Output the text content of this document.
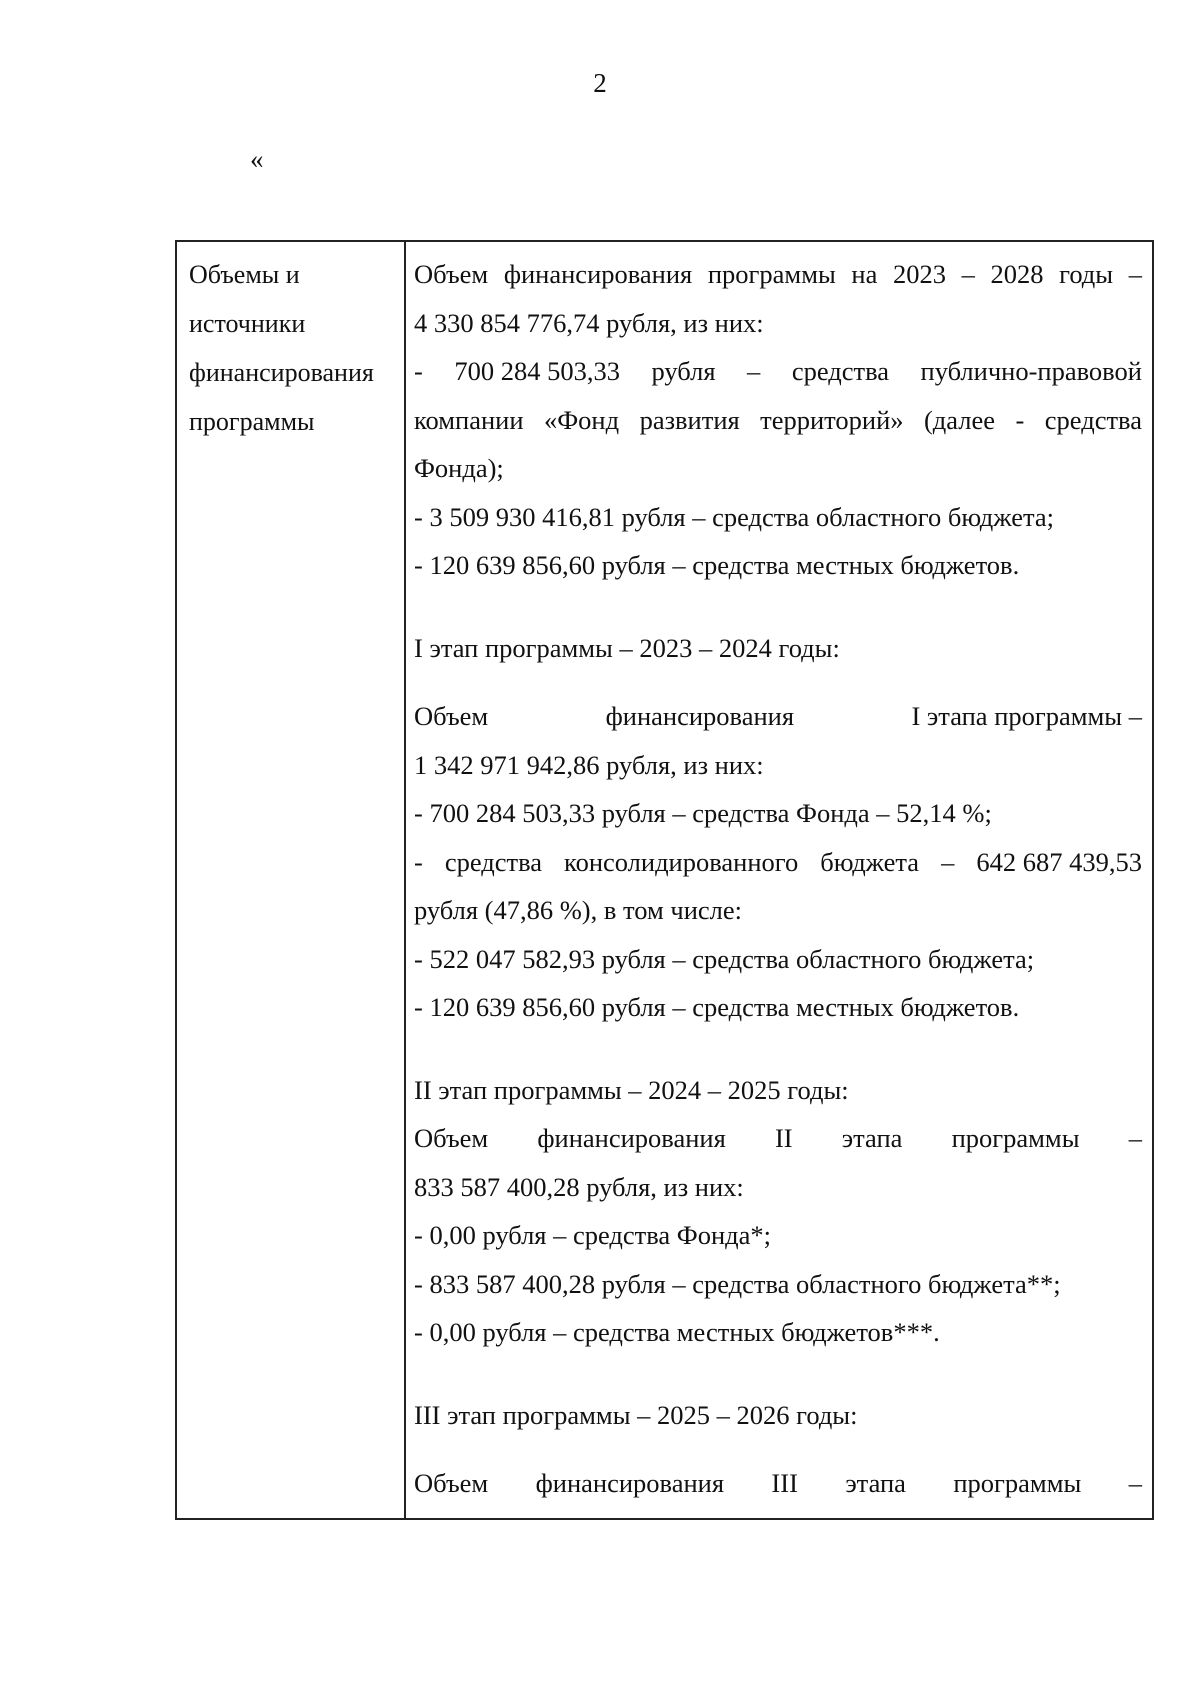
2
«
Объемы и
источники
финансирования
программы
Объем финансирования программы на 2023 – 2028 годы –
4 330 854 776,74 рубля, из них:
- 700 284 503,33 рубля – средства публично-правовой
компании «Фонд развития территорий» (далее - средства
Фонда);
- 3 509 930 416,81 рубля – средства областного бюджета;
- 120 639 856,60 рубля – средства местных бюджетов.
I этап программы – 2023 – 2024 годы:
Объем	финансирования	I этапа программы –
1 342 971 942,86 рубля, из них:
- 700 284 503,33 рубля – средства Фонда – 52,14 %;
- средства консолидированного бюджета – 642 687 439,53
рубля (47,86 %), в том числе:
- 522 047 582,93 рубля – средства областного бюджета;
- 120 639 856,60 рубля – средства местных бюджетов.
II этап программы – 2024 – 2025 годы:
Объем финансирования II этапа программы –
833 587 400,28 рубля, из них:
- 0,00 рубля – средства Фонда*;
- 833 587 400,28 рубля – средства областного бюджета**;
- 0,00 рубля – средства местных бюджетов***.
III этап программы – 2025 – 2026 годы:
Объем финансирования III этапа программы –
